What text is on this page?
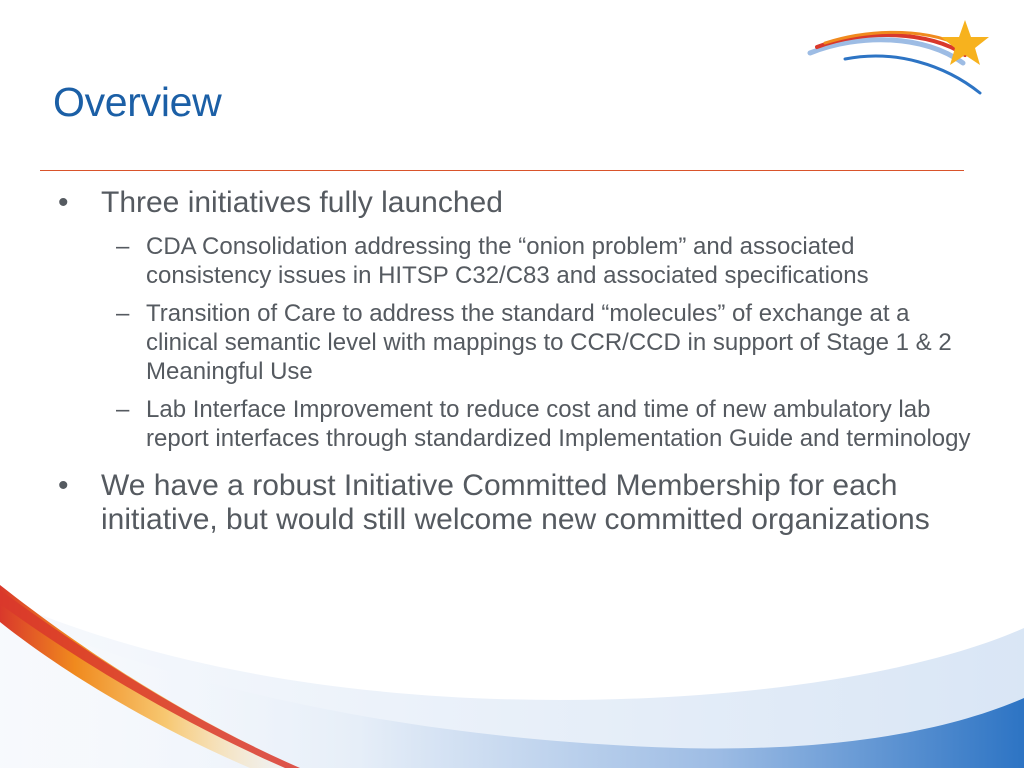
Overview
• Three initiatives fully launched
– CDA Consolidation addressing the “onion problem” and associated consistency issues in HITSP C32/C83 and associated specifications
– Transition of Care to address the standard “molecules” of exchange at a clinical semantic level with mappings to CCR/CCD in support of Stage 1 & 2 Meaningful Use
– Lab Interface Improvement to reduce cost and time of new ambulatory lab report interfaces through standardized Implementation Guide and terminology
• We have a robust Initiative Committed Membership for each initiative, but would still welcome new committed organizations
